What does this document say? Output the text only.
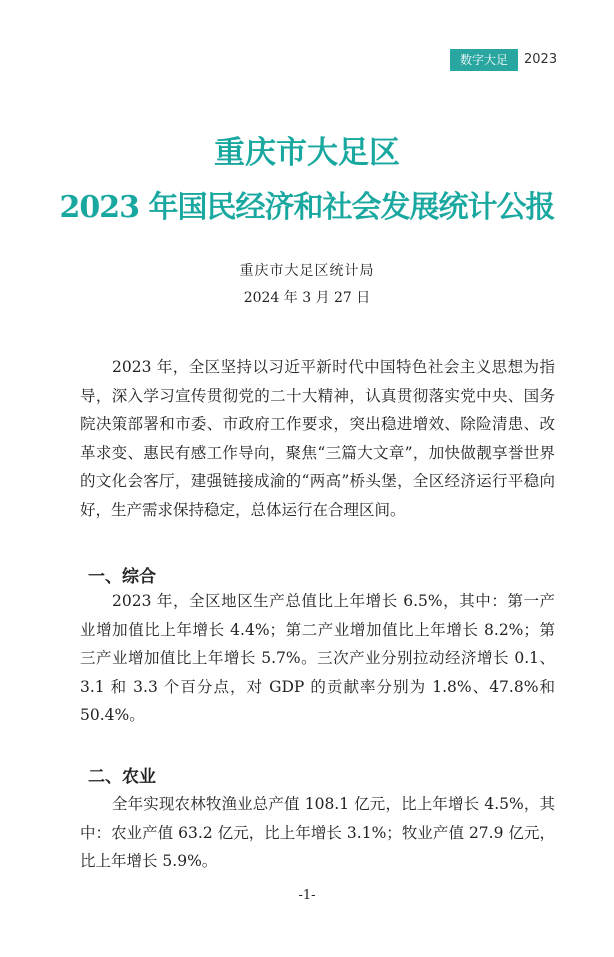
数字大足	2023
重庆市大足区
2023 年国民经济和社会发展统计公报
重庆市大足区统计局
2024 年 3 月 27 日

2023 年，全区坚持以习近平新时代中国特色社会主义思想为指导，深入学习宣传贯彻党的二十大精神，认真贯彻落实党中央、国务院决策部署和市委、市政府工作要求，突出稳进增效、除险清患、改革求变、惠民有感工作导向，聚焦“三篇大文章”，加快做靓享誉世界的文化会客厅，建强链接成渝的“两高”桥头堡，全区经济运行平稳向好，生产需求保持稳定，总体运行在合理区间。

一、综合

2023 年，全区地区生产总值比上年增长 6.5%，其中：第一产业增加值比上年增长 4.4%；第二产业增加值比上年增长 8.2%；第三产业增加值比上年增长 5.7%。三次产业分别拉动经济增长 0.1、3.1 和 3.3 个百分点，对 GDP 的贡献率分别为 1.8%、47.8%和 50.4%。

二、农业

全年实现农林牧渔业总产值 108.1 亿元，比上年增长 4.5%，其中：农业产值 63.2 亿元，比上年增长 3.1%；牧业产值 27.9 亿元，比上年增长 5.9%。

-1-
